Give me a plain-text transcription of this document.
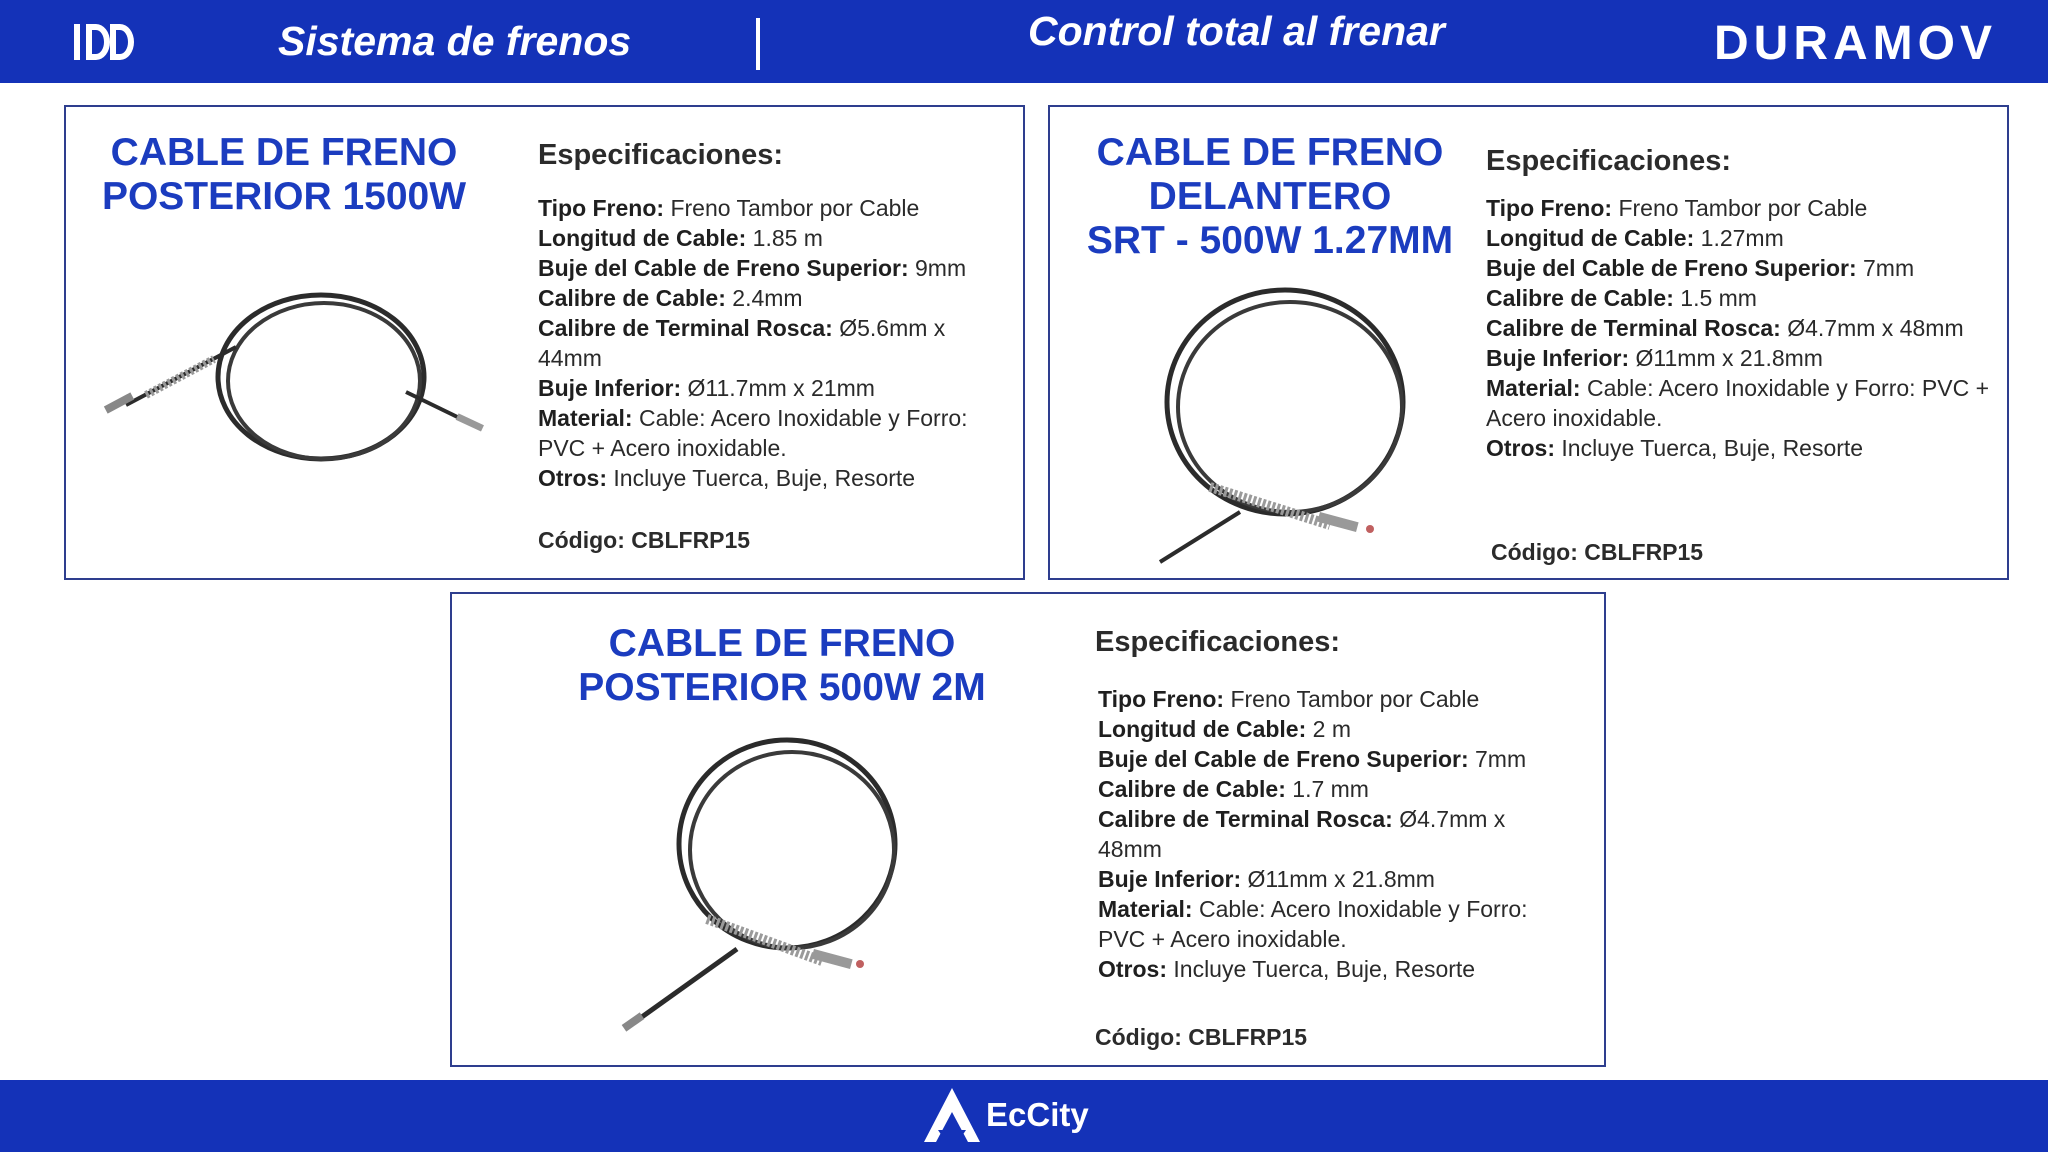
Sistema de frenos	Control total al frenar	DURAMOV
CABLE DE FRENO
POSTERIOR 1500W
Especificaciones:
Tipo Freno: Freno Tambor por Cable
Longitud de Cable: 1.85 m
Buje del Cable de Freno Superior: 9mm
Calibre de Cable: 2.4mm
Calibre de Terminal Rosca: Ø5.6mm x 44mm
Buje Inferior: Ø11.7mm x 21mm
Material: Cable: Acero Inoxidable y Forro: PVC + Acero inoxidable.
Otros: Incluye Tuerca, Buje, Resorte
Código: CBLFRP15
CABLE DE FRENO
DELANTERO
SRT - 500W 1.27MM
Especificaciones:
Tipo Freno: Freno Tambor por Cable
Longitud de Cable: 1.27mm
Buje del Cable de Freno Superior: 7mm
Calibre de Cable: 1.5 mm
Calibre de Terminal Rosca: Ø4.7mm x 48mm
Buje Inferior: Ø11mm x 21.8mm
Material: Cable: Acero Inoxidable y Forro: PVC + Acero inoxidable.
Otros: Incluye Tuerca, Buje, Resorte
Código: CBLFRP15
CABLE DE FRENO
POSTERIOR 500W 2M
Especificaciones:
Tipo Freno: Freno Tambor por Cable
Longitud de Cable: 2 m
Buje del Cable de Freno Superior: 7mm
Calibre de Cable: 1.7 mm
Calibre de Terminal Rosca: Ø4.7mm x 48mm
Buje Inferior: Ø11mm x 21.8mm
Material: Cable: Acero Inoxidable y Forro: PVC + Acero inoxidable.
Otros: Incluye Tuerca, Buje, Resorte
Código: CBLFRP15
EcCity
